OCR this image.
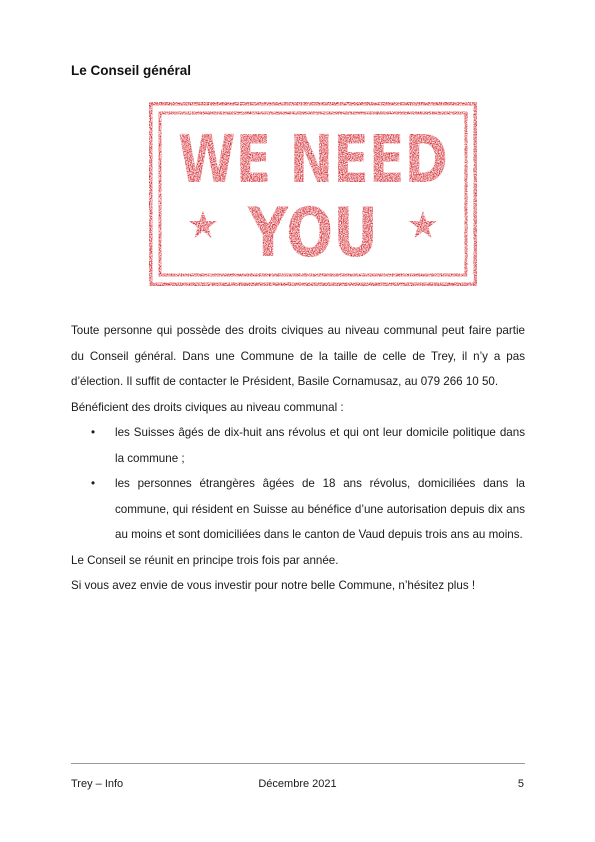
Le Conseil général
WE NEED
YOU

Toute personne qui possède des droits civiques au niveau communal peut faire partie du Conseil général. Dans une Commune de la taille de celle de Trey, il n’y a pas d’élection. Il suffit de contacter le Président, Basile Cornamusaz, au 079 266 10 50.

Bénéficient des droits civiques au niveau communal :

• les Suisses âgés de dix-huit ans révolus et qui ont leur domicile politique dans la commune ;
• les personnes étrangères âgées de 18 ans révolus, domiciliées dans la commune, qui résident en Suisse au bénéfice d’une autorisation depuis dix ans au moins et sont domiciliées dans le canton de Vaud depuis trois ans au moins.

Le Conseil se réunit en principe trois fois par année.

Si vous avez envie de vous investir pour notre belle Commune, n’hésitez plus !

Trey – Info	Décembre 2021	5
